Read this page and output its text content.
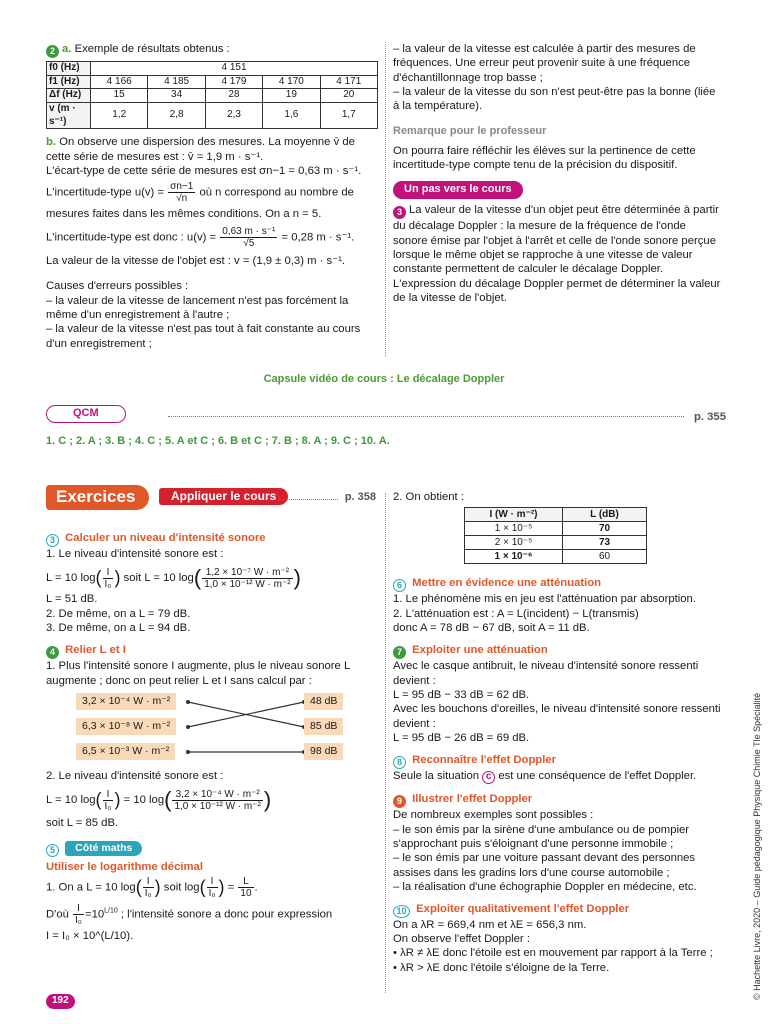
2 a. Exemple de résultats obtenus :

f0 (Hz)	4 151				
f1 (Hz)	4 166	4 185	4 179	4 170	4 171
Δf (Hz)	15	34	28	19	20
v (m · s⁻¹)	1,2	2,8	2,3	1,6	1,7

b. On observe une dispersion des mesures. La moyenne v̄ de

cette série de mesures est : v̄ = 1,9 m · s⁻¹.

L'écart-type de cette série de mesures est σn−1 = 0,63 m · s⁻¹.

L'incertitude-type $u(v) = \frac{\sigma n-1}{√n}$ où n correspond au nombre de

mesures faites dans les mêmes conditions. On a n = 5.

L'incertitude-type est donc : $u(v) = \frac{\text{0,63 m · s⁻¹}}{√5} = 0,28$ m · s⁻¹.

La valeur de la vitesse de l'objet est : v = (1,9 ± 0,3) m · s⁻¹.

Causes d'erreurs possibles :

– la valeur de la vitesse de lancement n'est pas forcément la même d'un enregistrement à l'autre ;

– la valeur de la vitesse n'est pas tout à fait constante au cours d'un enregistrement ;

– la valeur de la vitesse est calculée à partir des mesures de fréquences. Une erreur peut provenir suite à une fréquence d'échantillonnage trop basse ;

– la valeur de la vitesse du son n'est peut-être pas la bonne (liée à la température).

Remarque pour le professeur

On pourra faire réfléchir les élèves sur la pertinence de cette incertitude-type compte tenu de la précision du dispositif.

Un pas vers le cours

3 La valeur de la vitesse d'un objet peut être déterminée à partir du décalage Doppler : la mesure de la fréquence de l'onde sonore émise par l'objet à l'arrêt et celle de l'onde sonore perçue lorsque le même objet se rapproche à une vitesse de valeur constante permettent de calculer le décalage Doppler. L'expression du décalage Doppler permet de déterminer la valeur de la vitesse de l'objet.

Capsule vidéo de cours : Le décalage Doppler
QCM	p. 355
1. C ; 2. A ; 3. B ; 4. C ; 5. A et C ; 6. B et C ; 7. B ; 8. A ; 9. C ; 10. A.
Exercices	Appliquer le cours	p. 358

3 Calculer un niveau d'intensité sonore

1. Le niveau d'intensité sonore est :

L = 10 $\log( \frac{I}{\text{I₀}}$ ) soit L = 10 $\log( \frac{\text{1,2 × 10⁻⁷ W · m⁻²}}{\text{1,0 × 10⁻¹² W · m⁻²}}$ )

L = 51 dB.

2. De même, on a L = 79 dB.

3. De même, on a L = 94 dB.

4 Relier L et I

1. Plus l'intensité sonore I augmente, plus le niveau sonore L augmente ; donc on peut relier L et I sans calcul par :

3,2 × 10⁻⁴ W · m⁻²
6,3 × 10⁻⁸ W · m⁻²
6,5 × 10⁻³ W · m⁻²
48 dB
85 dB
98 dB

2. Le niveau d'intensité sonore est :

L = 10 $\log( \frac{I}{\text{I₀}}$ ) = 10 $\log( \frac{\text{3,2 × 10⁻⁴ W · m⁻²}}{\text{1,0 × 10⁻¹² W · m⁻²}}$ )

soit L = 85 dB.

5 Côté maths

Utiliser le logarithme décimal

1. On a L = 10 $\log( \frac{I}{\text{I₀}}$ ) soit $\log( \frac{I}{\text{I₀}}$ ) = $\frac{L}{10}$ .

D'où $\frac{I}{\text{I₀}} =10^{L/10}$ ; l'intensité sonore a donc pour expression

I = I₀ × 10^(L/10).

2. On obtient :

I (W · m⁻²)	L (dB)
1 × 10⁻⁵	70
2 × 10⁻⁵	73
1 × 10⁻⁶	60

6 Mettre en évidence une atténuation

1. Le phénomène mis en jeu est l'atténuation par absorption.

2. L'atténuation est : A = L(incident) − L(transmis)

donc A = 78 dB − 67 dB, soit A = 11 dB.

7 Exploiter une atténuation

Avec le casque antibruit, le niveau d'intensité sonore ressenti devient :

L = 95 dB − 33 dB = 62 dB.

Avec les bouchons d'oreilles, le niveau d'intensité sonore ressenti devient :

L = 95 dB − 26 dB = 69 dB.

8 Reconnaître l'effet Doppler

Seule la situation c est une conséquence de l'effet Doppler.

9 Illustrer l'effet Doppler

De nombreux exemples sont possibles :

– le son émis par la sirène d'une ambulance ou de pompier s'approchant puis s'éloignant d'une personne immobile ;

– le son émis par une voiture passant devant des personnes assises dans les gradins lors d'une course automobile ;

– la réalisation d'une échographie Doppler en médecine, etc.

10 Exploiter qualitativement l'effet Doppler

On a λR = 669,4 nm et λE = 656,3 nm.

On observe l'effet Doppler :

• λR ≠ λE donc l'étoile est en mouvement par rapport à la Terre ;

• λR > λE donc l'étoile s'éloigne de la Terre.

192
© Hachette Livre, 2020 – Guide pédagogique Physique Chimie Tle Spécialité
